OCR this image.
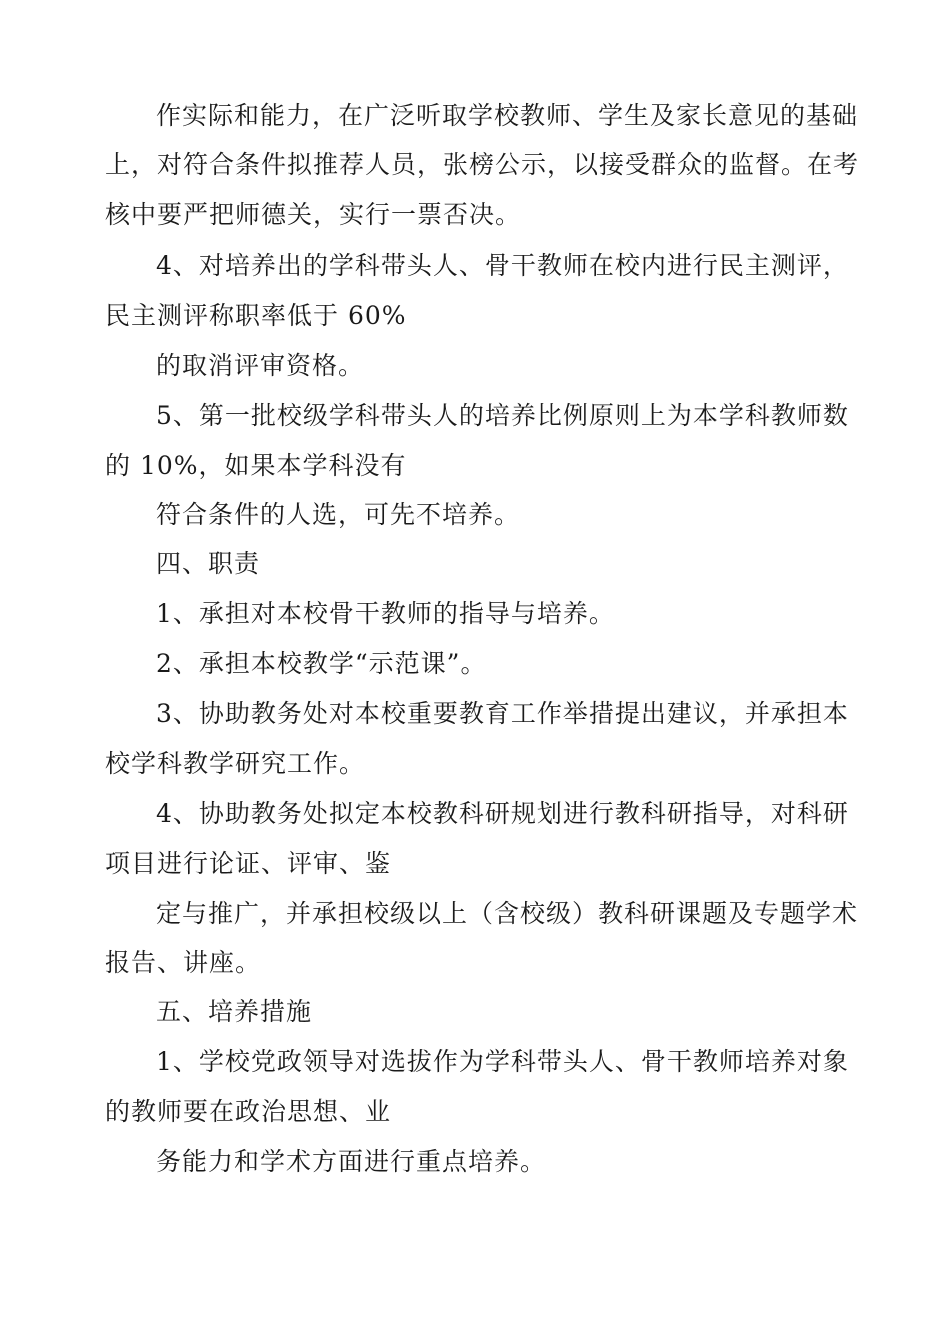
作实际和能力，在广泛听取学校教师、学生及家长意见的基础
上，对符合条件拟推荐人员，张榜公示，以接受群众的监督。在考
核中要严把师德关，实行一票否决。
4、对培养出的学科带头人、骨干教师在校内进行民主测评，
民主测评称职率低于 60%
的取消评审资格。
5、第一批校级学科带头人的培养比例原则上为本学科教师数
的 10%，如果本学科没有
符合条件的人选，可先不培养。
四、职责
1、承担对本校骨干教师的指导与培养。
2、承担本校教学“示范课”。
3、协助教务处对本校重要教育工作举措提出建议，并承担本
校学科教学研究工作。
4、协助教务处拟定本校教科研规划进行教科研指导，对科研
项目进行论证、评审、鉴
定与推广，并承担校级以上（含校级）教科研课题及专题学术
报告、讲座。
五、培养措施
1、学校党政领导对选拔作为学科带头人、骨干教师培养对象
的教师要在政治思想、业
务能力和学术方面进行重点培养。
